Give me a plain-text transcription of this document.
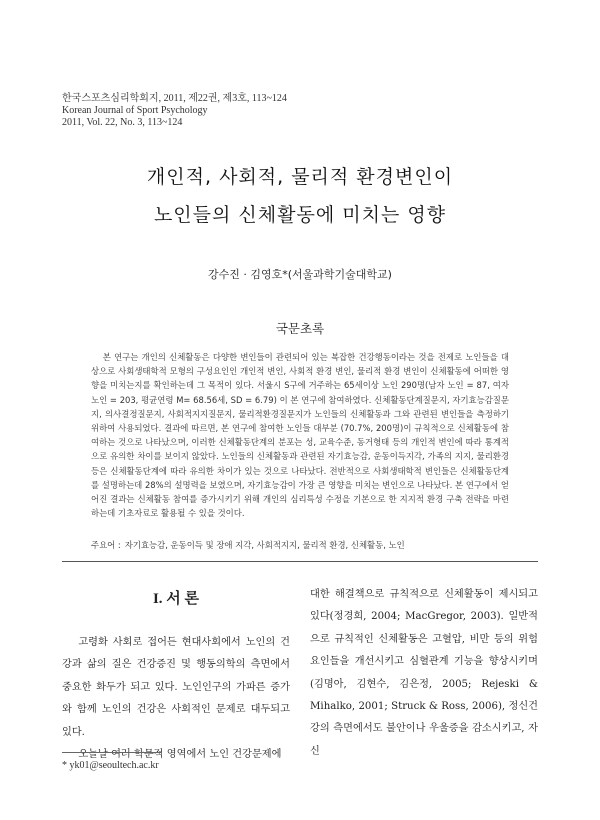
한국스포츠심리학회지, 2011, 제22권, 제3호, 113~124
Korean Journal of Sport Psychology
2011, Vol. 22, No. 3, 113~124
개인적, 사회적, 물리적 환경변인이
노인들의 신체활동에 미치는 영향
강수진 · 김영호*(서울과학기술대학교)
국문초록

본 연구는 개인의 신체활동은 다양한 변인들이 관련되어 있는 복잡한 건강행동이라는 것을 전제로 노인들을 대상으로 사회생태학적 모형의 구성요인인 개인적 변인, 사회적 환경 변인, 물리적 환경 변인이 신체활동에 어떠한 영향을 미치는지를 확인하는데 그 목적이 있다. 서울시 S구에 거주하는 65세이상 노인 290명(남자 노인 = 87, 여자노인 = 203, 평균연령 M= 68.56세, SD = 6.79) 이 본 연구에 참여하였다. 신체활동단계질문지, 자기효능감질문지, 의사결정질문지, 사회적지지질문지, 물리적환경질문지가 노인들의 신체활동과 그와 관련된 변인들을 측정하기 위하여 사용되었다. 결과에 따르면, 본 연구에 참여한 노인들 대부분 (70.7%, 200명)이 규칙적으로 신체활동에 참여하는 것으로 나타났으며, 이러한 신체활동단계의 분포는 성, 교육수준, 동거형태 등의 개인적 변인에 따라 통계적으로 유의한 차이를 보이지 않았다. 노인들의 신체활동과 관련된 자기효능감, 운동이득지각, 가족의 지지, 물리환경 등은 신체활동단계에 따라 유의한 차이가 있는 것으로 나타났다. 전반적으로 사회생태학적 변인들은 신체활동단계를 설명하는데 28%의 설명력을 보였으며, 자기효능감이 가장 큰 영향을 미치는 변인으로 나타났다. 본 연구에서 얻어진 결과는 신체활동 참여를 증가시키기 위해 개인의 심리특성 수정을 기본으로 한 지지적 환경 구축 전략을 마련하는데 기초자료로 활용될 수 있을 것이다.

주요어 : 자기효능감, 운동이득 및 장애 지각, 사회적지지, 물리적 환경, 신체활동, 노인
I. 서 론

고령화 사회로 접어든 현대사회에서 노인의 건강과 삶의 질은 건강증진 및 행동의학의 측면에서 중요한 화두가 되고 있다. 노인인구의 가파른 증가와 함께 노인의 건강은 사회적인 문제로 대두되고 있다.

오늘날 여러 학문적 영역에서 노인 건강문제에

대한 해결책으로 규칙적으로 신체활동이 제시되고 있다(정경희, 2004; MacGregor, 2003). 일반적으로 규칙적인 신체활동은 고혈압, 비만 등의 위험요인들을 개선시키고 심혈관계 기능을 향상시키며(김명아, 김현수, 김은정, 2005; Rejeski & Mihalko, 2001; Struck & Ross, 2006), 정신건강의 측면에서도 불안이나 우울증을 감소시키고, 자신

* yk01@seoultech.ac.kr
